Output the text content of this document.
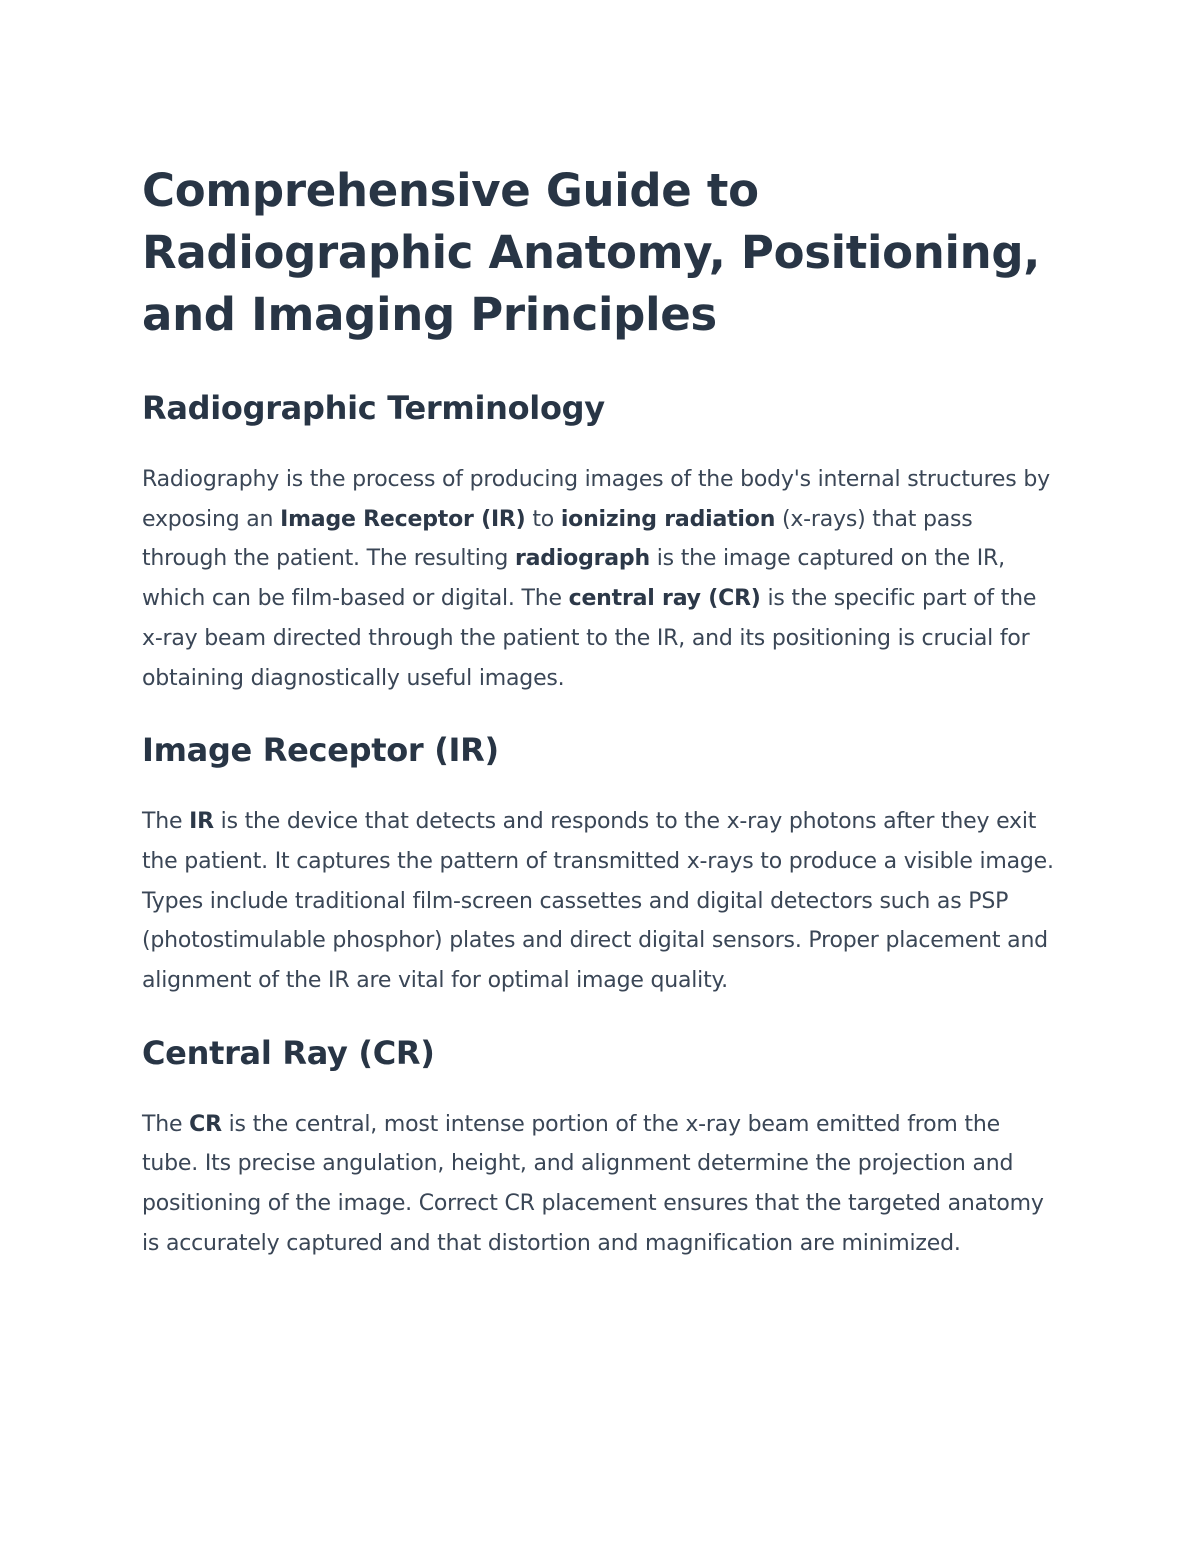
Comprehensive Guide to Radiographic Anatomy, Positioning, and Imaging Principles
Radiographic Terminology

Radiography is the process of producing images of the body's internal structures by exposing an Image Receptor (IR) to ionizing radiation (x-rays) that pass through the patient. The resulting radiograph is the image captured on the IR, which can be film-based or digital. The central ray (CR) is the specific part of the x-ray beam directed through the patient to the IR, and its positioning is crucial for obtaining diagnostically useful images.

Image Receptor (IR)

The IR is the device that detects and responds to the x-ray photons after they exit the patient. It captures the pattern of transmitted x-rays to produce a visible image. Types include traditional film-screen cassettes and digital detectors such as PSP (photostimulable phosphor) plates and direct digital sensors. Proper placement and alignment of the IR are vital for optimal image quality.

Central Ray (CR)

The CR is the central, most intense portion of the x-ray beam emitted from the tube. Its precise angulation, height, and alignment determine the projection and positioning of the image. Correct CR placement ensures that the targeted anatomy is accurately captured and that distortion and magnification are minimized.
